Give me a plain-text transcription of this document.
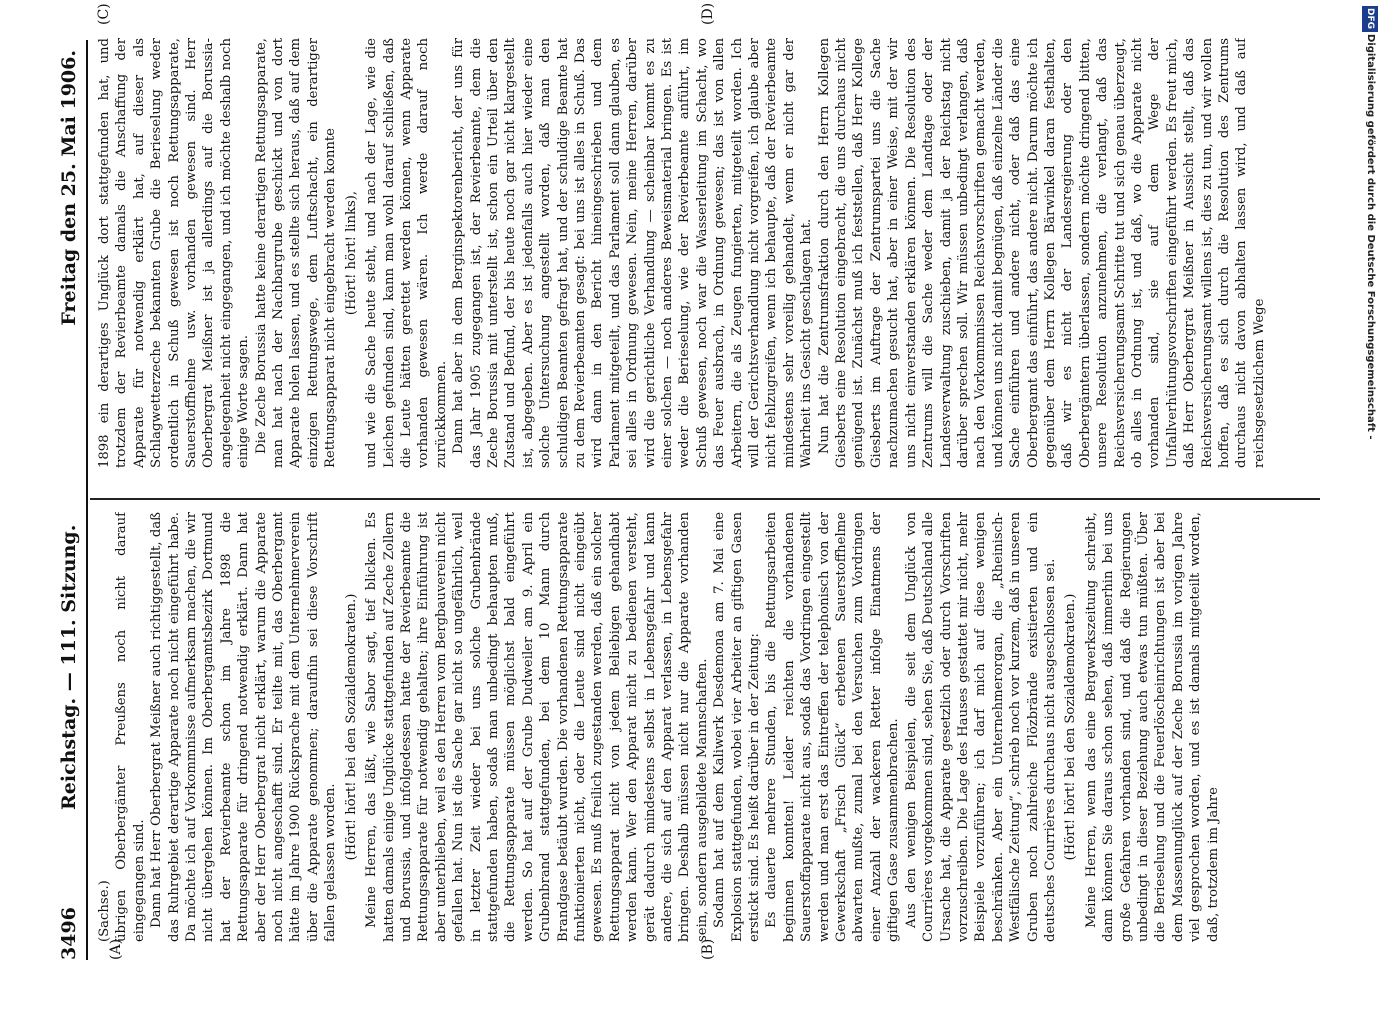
3496
Reichstag. — 111. Sitzung.
Freitag den 25. Mai 1906.
(A)	(B)
(C)	(D)

(Sachse.) übrigen Oberbergämter Preußens noch nicht darauf eingegangen sind. Dann hat Herr Oberbergrat Meißner auch richtiggestellt, daß das Ruhrgebiet derartige Apparate noch nicht eingeführt habe. Da möchte ich auf Vorkommnisse aufmerksam machen, die wir nicht übergehen können. Im Oberbergamtsbezirk Dortmund hat der Revierbeamte schon im Jahre 1898 die Rettungsapparate für dringend notwendig erklärt. Dann hat aber der Herr Oberbergrat nicht erklärt, warum die Apparate noch nicht angeschafft sind. Er teilte mit, das Oberbergamt hätte im Jahre 1900 Rücksprache mit dem Unternehmerverein über die Apparate genommen; daraufhin sei diese Vorschrift fallen gelassen worden.

(Hört! hört! bei den Sozialdemokraten.) Meine Herren, das läßt, wie Sabor sagt, tief blicken. Es hatten damals einige Unglücke stattgefunden auf Zeche Zollern und Borussia, und infolgedessen hatte der Revierbeamte die Rettungsapparate für notwendig gehalten; ihre Einführung ist aber unterblieben, weil es den Herren vom Bergbauverein nicht gefallen hat. Nun ist die Sache gar nicht so ungefährlich, weil in letzter Zeit wieder bei uns solche Grubenbrände stattgefunden haben, sodaß man unbedingt behaupten muß, die Rettungsapparate müssen möglichst bald eingeführt werden. So hat auf der Grube Dudweiler am 9. April ein Grubenbrand stattgefunden, bei dem 10 Mann durch Brandgase betäubt wurden. Die vorhandenen Rettungsapparate funktionierten nicht, oder die Leute sind nicht eingeübt gewesen. Es muß freilich zugestanden werden, daß ein solcher Rettungsapparat nicht von jedem Beliebigen gehandhabt werden kann. Wer den Apparat nicht zu bedienen versteht, gerät dadurch mindestens selbst in Lebensgefahr und kann andere, die sich auf den Apparat verlassen, in Lebensgefahr bringen. Deshalb müssen nicht nur die Apparate vorhanden sein, sondern ausgebildete Mannschaften. Sodann hat auf dem Kaliwerk Desdemona am 7. Mai eine Explosion stattgefunden, wobei vier Arbeiter an giftigen Gasen erstickt sind. Es heißt darüber in der Zeitung: Es dauerte mehrere Stunden, bis die Rettungsarbeiten beginnen konnten! Leider reichten die vorhandenen Sauerstoffapparate nicht aus, sodaß das Vordringen eingestellt werden und man erst das Eintreffen der telephonisch von der Gewerkschaft „Frisch Glück“ erbetenen Sauerstoffhelme abwarten mußte, zumal bei den Versuchen zum Vordringen einer Anzahl der wackeren Retter infolge Einatmens der giftigen Gase zusammenbrachen. Aus den wenigen Beispielen, die seit dem Unglück von Courrières vorgekommen sind, sehen Sie, daß Deutschland alle Ursache hat, die Apparate gesetzlich oder durch Vorschriften vorzuschreiben. Die Lage des Hauses gestattet mir nicht, mehr Beispiele vorzuführen; ich darf mich auf diese wenigen beschränken. Aber ein Unternehmerorgan, die „Rheinisch-Westfälische Zeitung“, schrieb noch vor kurzem, daß in unseren Gruben noch zahlreiche Flözbrände existierten und ein deutsches Courrières durchaus nicht ausgeschlossen sei. (Hört! hört! bei den Sozialdemokraten.) Meine Herren, wenn das eine Bergwerkszeitung schreibt, dann können Sie daraus schon sehen, daß immerhin bei uns große Gefahren vorhanden sind, und daß die Regierungen unbedingt in dieser Beziehung auch etwas tun müßten. Über die Berieselung und die Feuerlöscheinrichtungen ist aber bei dem Massenunglück auf der Zeche Borussia im vorigen Jahre viel gesprochen worden, und es ist damals mitgeteilt worden, daß, trotzdem im Jahre

1898 ein derartiges Unglück dort stattgefunden hat, und trotzdem der Revierbeamte damals die Anschaffung der Apparate für notwendig erklärt hat, auf dieser als Schlagwetterzeche bekannten Grube die Berieselung weder ordentlich in Schuß gewesen ist noch Rettungsapparate, Sauerstoffhelme usw. vorhanden gewesen sind. Herr Oberbergrat Meißner ist ja allerdings auf die Borussia-angelegenheit nicht eingegangen, und ich möchte deshalb noch einige Worte sagen. Die Zeche Borussia hatte keine derartigen Rettungsapparate, man hat nach der Nachbargrube geschickt und von dort Apparate holen lassen, und es stellte sich heraus, daß auf dem einzigen Rettungswege, dem Luftschacht, ein derartiger Rettungsapparat nicht eingebracht werden konnte (Hört! hört! links), und wie die Sache heute steht, und nach der Lage, wie die Leichen gefunden sind, kann man wohl darauf schließen, daß die Leute hätten gerettet werden können, wenn Apparate vorhanden gewesen wären. Ich werde darauf noch zurückkommen. Dann hat aber in dem Berginspektorenbericht, der uns für das Jahr 1905 zugegangen ist, der Revierbeamte, dem die Zeche Borussia mit unterstellt ist, schon ein Urteil über den Zustand und Befund, der bis heute noch gar nicht klargestellt ist, abgegeben. Aber es ist jedenfalls auch hier wieder eine solche Untersuchung angestellt worden, daß man den schuldigen Beamten gefragt hat, und der schuldige Beamte hat zu dem Revierbeamten gesagt: bei uns ist alles in Schuß. Das wird dann in den Bericht hineingeschrieben und dem Parlament mitgeteilt, und das Parlament soll dann glauben, es sei alles in Ordnung gewesen. Nein, meine Herren, darüber wird die gerichtliche Verhandlung — scheinbar kommt es zu einer solchen — noch anderes Beweismaterial bringen. Es ist weder die Berieselung, wie der Revierbeamte anführt, im Schuß gewesen, noch war die Wasserleitung im Schacht, wo das Feuer ausbrach, in Ordnung gewesen; das ist von allen Arbeitern, die als Zeugen fungierten, mitgeteilt worden. Ich will der Gerichtsverhandlung nicht vorgreifen, ich glaube aber nicht fehlzugreifen, wenn ich behaupte, daß der Revierbeamte mindestens sehr voreilig gehandelt, wenn er nicht gar der Wahrheit ins Gesicht geschlagen hat. Nun hat die Zentrumsfraktion durch den Herrn Kollegen Giesberts eine Resolution eingebracht, die uns durchaus nicht genügend ist. Zunächst muß ich feststellen, daß Herr Kollege Giesberts im Auftrage der Zentrumspartei uns die Sache nachzumachen gesucht hat, aber in einer Weise, mit der wir uns nicht einverstanden erklären können. Die Resolution des Zentrums will die Sache weder dem Landtage oder der Landesverwaltung zuschieben, damit ja der Reichstag nicht darüber sprechen soll. Wir müssen unbedingt verlangen, daß nach den Vorkommnissen Reichsvorschriften gemacht werden, und können uns nicht damit begnügen, daß einzelne Länder die Sache einführen und andere nicht, oder daß das eine Oberbergamt das einführt, das andere nicht. Darum möchte ich gegenüber dem Herrn Kollegen Bärwinkel daran festhalten, daß wir es nicht der Landesregierung oder den Oberbergämtern überlassen, sondern möchte dringend bitten, unsere Resolution anzunehmen, die verlangt, daß das Reichsversicherungsamt Schritte tut und sich genau überzeugt, ob alles in Ordnung ist, und daß, wo die Apparate nicht vorhanden sind, sie auf dem Wege der Unfallverhütungsvorschriften eingeführt werden. Es freut mich, daß Herr Oberbergrat Meißner in Aussicht stellt, daß das Reichsversicherungsamt willens ist, dies zu tun, und wir wollen hoffen, daß es sich durch die Resolution des Zentrums durchaus nicht davon abhalten lassen wird, und daß auf reichsgesetzlichem Wege	Digitalisierung gefördert durch die Deutsche Forschungsgemeinschaft -
DFG
